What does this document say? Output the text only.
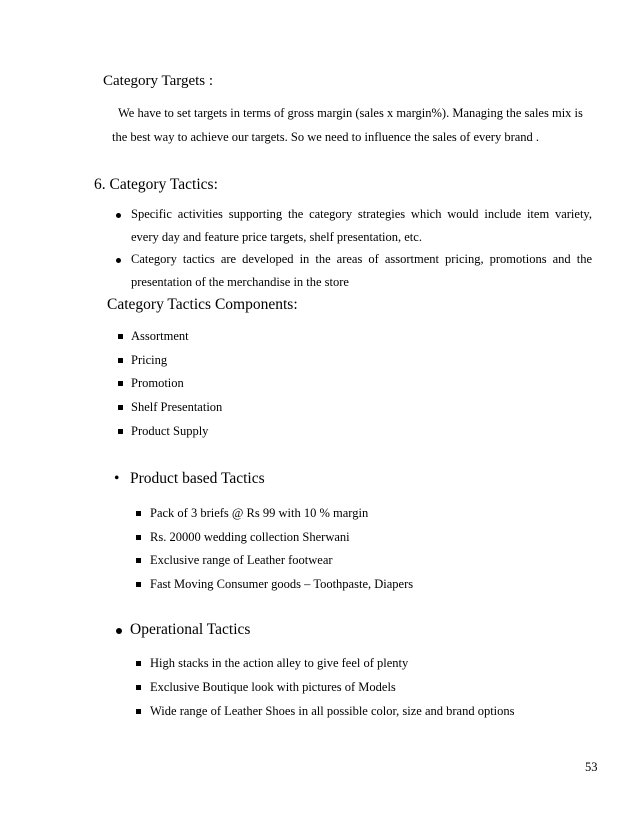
Category Targets :
We have to set targets in terms of gross margin (sales x margin%). Managing the sales mix is
the best way to achieve our targets. So we need to influence the sales of every brand .
6. Category Tactics:
Specific activities supporting the category strategies which would include item variety,
every day and feature price targets, shelf presentation, etc.
Category tactics are developed in the areas of assortment pricing, promotions and the
presentation of the merchandise in the store
Category Tactics Components:
Assortment
Pricing
Promotion
Shelf Presentation
Product Supply
• Product based Tactics
Pack of 3 briefs @ Rs 99 with 10 % margin
Rs. 20000 wedding collection Sherwani
Exclusive range of Leather footwear
Fast Moving Consumer goods – Toothpaste, Diapers
Operational Tactics
High stacks in the action alley to give feel of plenty
Exclusive Boutique look with pictures of Models
Wide range of Leather Shoes in all possible color, size and brand options
53
